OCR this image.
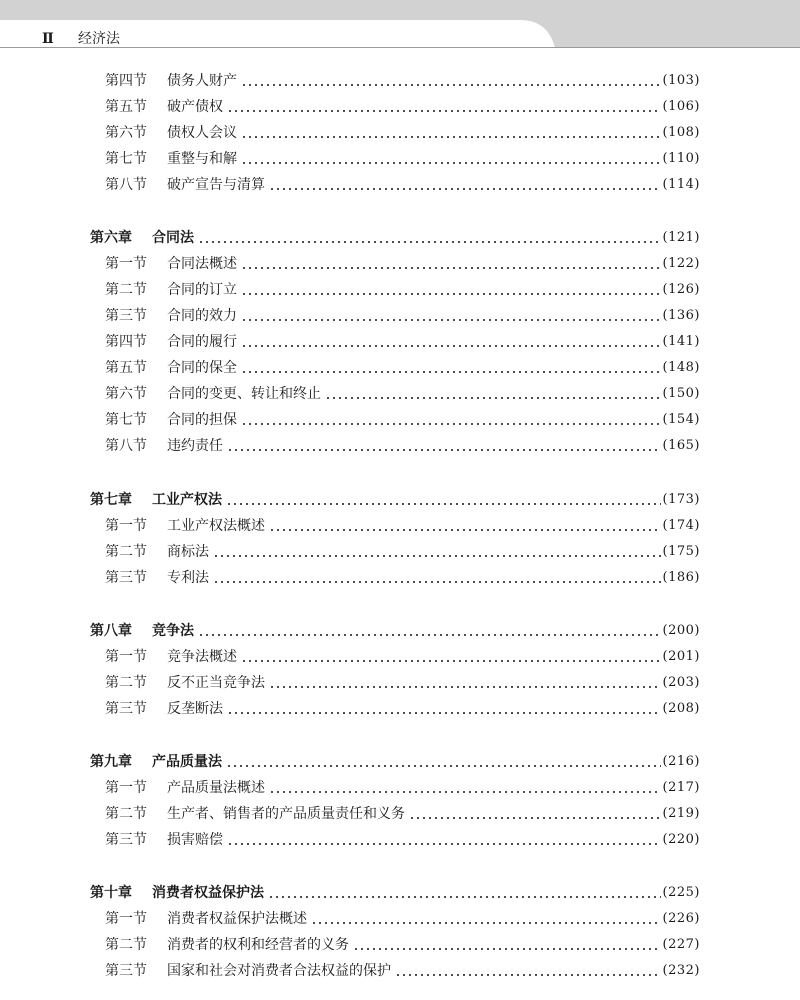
Ⅱ 经济法
第四节	债务人财产	(103)
第五节	破产债权	(106)
第六节	债权人会议	(108)
第七节	重整与和解	(110)
第八节	破产宣告与清算	(114)
第六章	合同法	(121)
第一节	合同法概述	(122)
第二节	合同的订立	(126)
第三节	合同的效力	(136)
第四节	合同的履行	(141)
第五节	合同的保全	(148)
第六节	合同的变更、转让和终止	(150)
第七节	合同的担保	(154)
第八节	违约责任	(165)
第七章	工业产权法	(173)
第一节	工业产权法概述	(174)
第二节	商标法	(175)
第三节	专利法	(186)
第八章	竞争法	(200)
第一节	竞争法概述	(201)
第二节	反不正当竞争法	(203)
第三节	反垄断法	(208)
第九章	产品质量法	(216)
第一节	产品质量法概述	(217)
第二节	生产者、销售者的产品质量责任和义务	(219)
第三节	损害赔偿	(220)
第十章	消费者权益保护法	(225)
第一节	消费者权益保护法概述	(226)
第二节	消费者的权利和经营者的义务	(227)
第三节	国家和社会对消费者合法权益的保护	(232)
